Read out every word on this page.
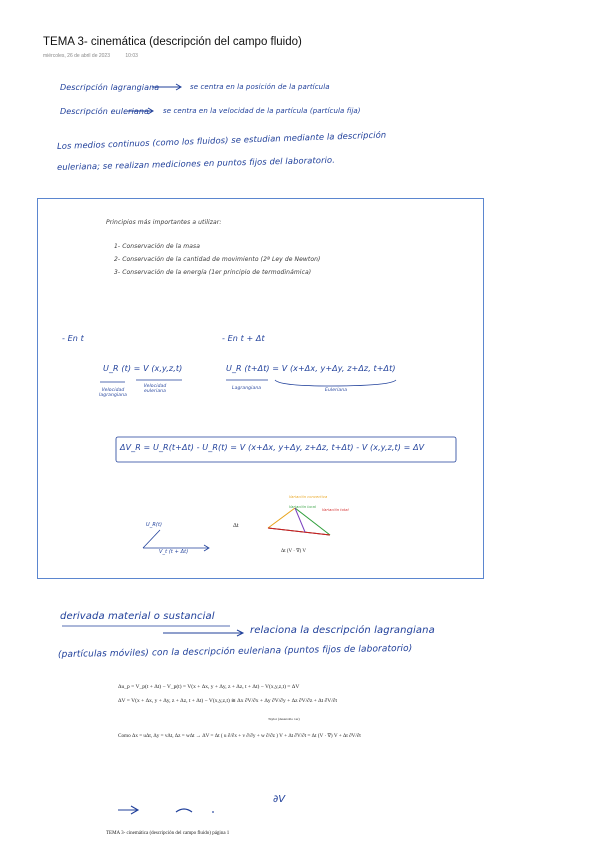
TEMA 3- cinemática (descripción del campo fluido)
miércoles, 26 de abril de 2023	10:03
Descripción lagrangiana	se centra en la posición de la partícula
Descripción euleriana se centra en la velocidad de la partícula (partícula fija)
Los medios continuos (como los fluidos) se estudian mediante la descripción
euleriana; se realizan mediciones en puntos fijos del laboratorio.
Principios más importantes a utilizar:
1- Conservación de la masa
2- Conservación de la cantidad de movimiento (2ª Ley de Newton)
3- Conservación de la energía (1er principio de termodinámica)
- En t	- En t + Δt
U_R (t) = V (x,y,z,t)	U_R (t+Δt) = V (x+Δx, y+Δy, z+Δz, t+Δt)
Velocidad lagrangiana
Velocidad euleriana
Lagrangiana	Euleriana
ΔV_R = U_R(t+Δt) - U_R(t) = V (x+Δx, y+Δy, z+Δz, t+Δt) - V (x,y,z,t) = ΔV
U_R(t)
V_t (t + Δt)
Δt
Δt (V · ∇) V
Variación convectiva
Variación local
Variación total
derivada material o sustancial
relaciona la descripción lagrangiana
(partículas móviles) con la descripción euleriana (puntos fijos de laboratorio)
Δu_p = V_p(t + Δt) − V_p(t) = V(x + Δx, y + Δy, z + Δz, t + Δt) − V(x,y,z,t) = ΔV
ΔV = V(x + Δx, y + Δy, z + Δz, t + Δt) − V(x,y,z,t) ≅ Δx ∂V/∂x + Δy ∂V/∂y + Δz ∂V/∂z + Δt ∂V/∂t
Taylor (desarrollo 1er)
Como Δx = uΔt, Δy = vΔt, Δz = wΔt → ΔV = Δt ( u ∂/∂x + v ∂/∂y + w ∂/∂z ) V + Δt ∂V/∂t = Δt (V · ∇) V + Δt ∂V/∂t
∂V
TEMA 3- cinemática (descripción del campo fluido) página 1
